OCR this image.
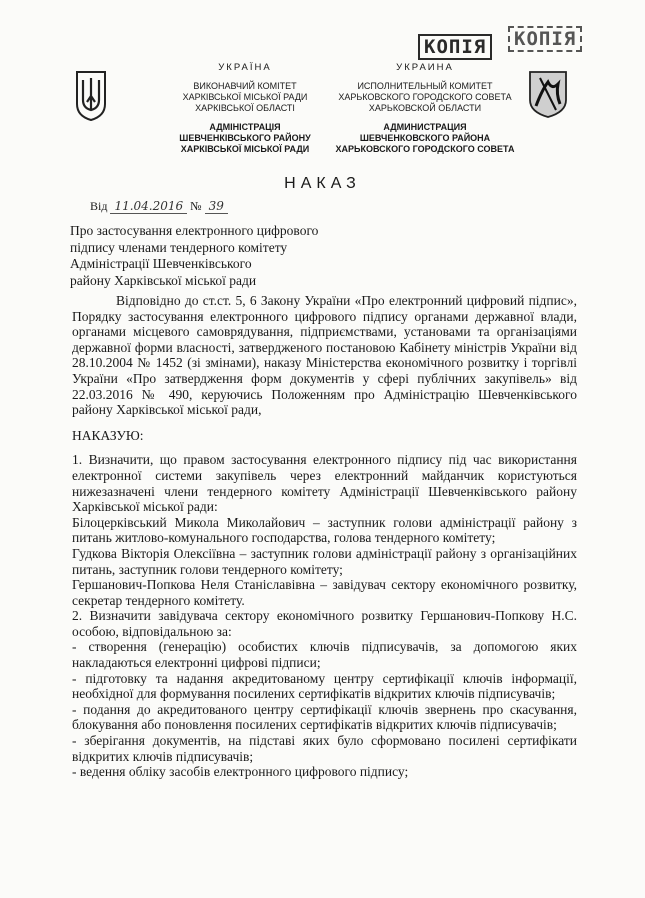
КОПІЯ	КОПІЯ
УКРАЇНА
ВИКОНАВЧИЙ КОМІТЕТ
ХАРКІВСЬКОЇ МІСЬКОЇ РАДИ
ХАРКІВСЬКОЇ ОБЛАСТІ
АДМІНІСТРАЦІЯ
ШЕВЧЕНКІВСЬКОГО РАЙОНУ
ХАРКІВСЬКОЇ МІСЬКОЇ РАДИ
УКРАИНА
ИСПОЛНИТЕЛЬНЫЙ КОМИТЕТ
ХАРЬКОВСКОГО ГОРОДСКОГО СОВЕТА
ХАРЬКОВСКОЙ ОБЛАСТИ
АДМИНИСТРАЦИЯ
ШЕВЧЕНКОВСКОГО РАЙОНА
ХАРЬКОВСКОГО ГОРОДСКОГО СОВЕТА
НАКАЗ
Від 11.04.2016 № 39
Про застосування електронного цифрового
підпису членами тендерного комітету
Адміністрації Шевченківського
району Харківської міської ради

Відповідно до ст.ст. 5, 6 Закону України «Про електронний цифровий підпис», Порядку застосування електронного цифрового підпису органами державної влади, органами місцевого самоврядування, підприємствами, установами та організаціями державної форми власності, затвердженого постановою Кабінету міністрів України від 28.10.2004 № 1452 (зі змінами), наказу Міністерства економічного розвитку і торгівлі України «Про затвердження форм документів у сфері публічних закупівель» від 22.03.2016 № 490, керуючись Положенням про Адміністрацію Шевченківського району Харківської міської ради,

НАКАЗУЮ:

1. Визначити, що правом застосування електронного підпису під час використання електронної системи закупівель через електронний майданчик користуються нижезазначені члени тендерного комітету Адміністрації Шевченківського району Харківської міської ради:

Білоцерківський Микола Миколайович – заступник голови адміністрації району з питань житлово-комунального господарства, голова тендерного комітету;

Гудкова Вікторія Олексіївна – заступник голови адміністрації району з організаційних питань, заступник голови тендерного комітету;

Гершанович-Попкова Неля Станіславівна – завідувач сектору економічного розвитку, секретар тендерного комітету.

2. Визначити завідувача сектору економічного розвитку Гершанович-Попкову Н.С. особою, відповідальною за:

- створення (генерацію) особистих ключів підписувачів, за допомогою яких накладаються електронні цифрові підписи;

- підготовку та надання акредитованому центру сертифікації ключів інформації, необхідної для формування посилених сертифікатів відкритих ключів підписувачів;

- подання до акредитованого центру сертифікації ключів звернень про скасування, блокування або поновлення посилених сертифікатів відкритих ключів підписувачів;

- зберігання документів, на підставі яких було сформовано посилені сертифікати відкритих ключів підписувачів;

- ведення обліку засобів електронного цифрового підпису;
